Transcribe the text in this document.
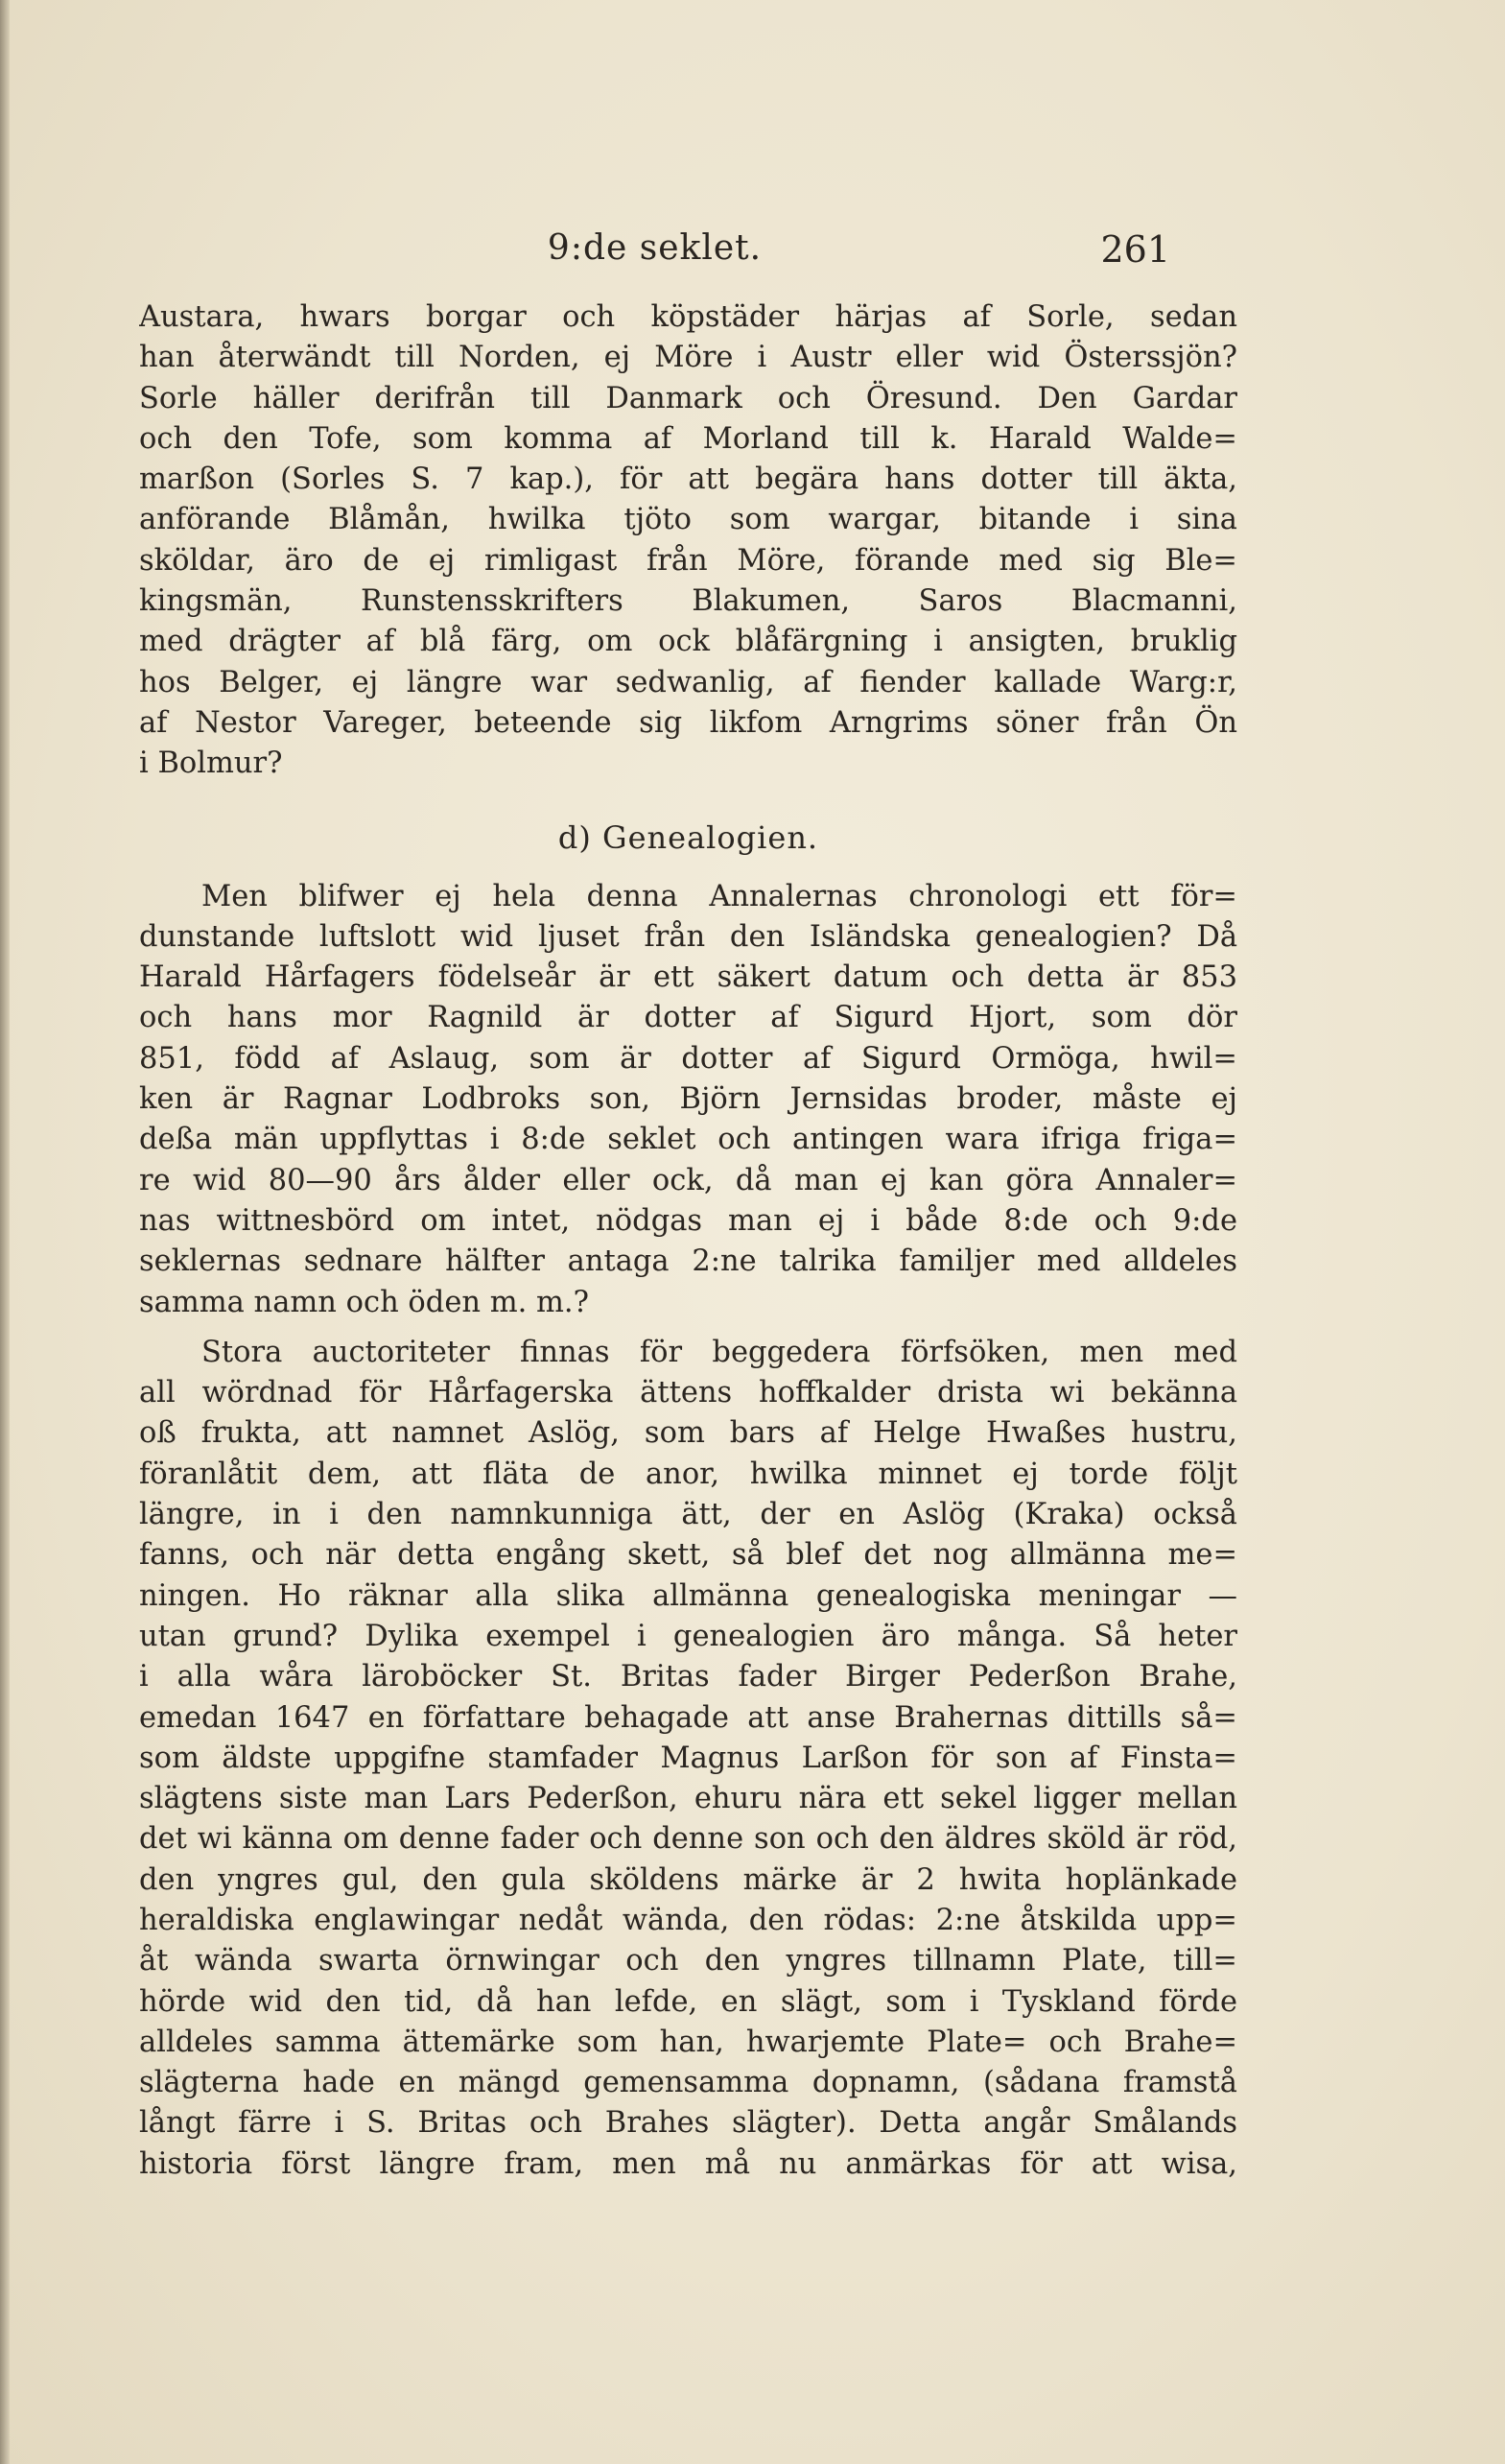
9:de seklet.	261
Austara, hwars borgar och köpstäder härjas af Sorle, sedan
han återwändt till Norden, ej Möre i Austr eller wid Österssjön?
Sorle häller derifrån till Danmark och Öresund. Den Gardar
och den Tofe, som komma af Morland till k. Harald Walde=
marßon (Sorles S. 7 kap.), för att begära hans dotter till äkta,
anförande Blåmån, hwilka tjöto som wargar, bitande i sina
sköldar, äro de ej rimligast från Möre, förande med sig Ble=
kingsmän, Runstensskrifters Blakumen, Saros Blacmanni,
med drägter af blå färg, om ock blåfärgning i ansigten, bruklig
hos Belger, ej längre war sedwanlig, af fiender kallade Warg:r,
af Nestor Vareger, beteende sig likfom Arngrims söner från Ön
i Bolmur?
d) Genealogien.
Men blifwer ej hela denna Annalernas chronologi ett för=
dunstande luftslott wid ljuset från den Isländska genealogien? Då
Harald Hårfagers födelseår är ett säkert datum och detta är 853
och hans mor Ragnild är dotter af Sigurd Hjort, som dör
851, född af Aslaug, som är dotter af Sigurd Ormöga, hwil=
ken är Ragnar Lodbroks son, Björn Jernsidas broder, måste ej
deßa män uppflyttas i 8:de seklet och antingen wara ifriga friga=
re wid 80—90 års ålder eller ock, då man ej kan göra Annaler=
nas wittnesbörd om intet, nödgas man ej i både 8:de och 9:de
seklernas sednare hälfter antaga 2:ne talrika familjer med alldeles
samma namn och öden m. m.?
Stora auctoriteter finnas för beggedera förfsöken, men med
all wördnad för Hårfagerska ättens hoffkalder drista wi bekänna
oß frukta, att namnet Aslög, som bars af Helge Hwaßes hustru,
föranlåtit dem, att fläta de anor, hwilka minnet ej torde följt
längre, in i den namnkunniga ätt, der en Aslög (Kraka) också
fanns, och när detta engång skett, så blef det nog allmänna me=
ningen. Ho räknar alla slika allmänna genealogiska meningar —
utan grund? Dylika exempel i genealogien äro många. Så heter
i alla wåra läroböcker St. Britas fader Birger Pederßon Brahe,
emedan 1647 en författare behagade att anse Brahernas dittills så=
som äldste uppgifne stamfader Magnus Larßon för son af Finsta=
slägtens siste man Lars Pederßon, ehuru nära ett sekel ligger mellan
det wi känna om denne fader och denne son och den äldres sköld är röd,
den yngres gul, den gula sköldens märke är 2 hwita hoplänkade
heraldiska englawingar nedåt wända, den rödas: 2:ne åtskilda upp=
åt wända swarta örnwingar och den yngres tillnamn Plate, till=
hörde wid den tid, då han lefde, en slägt, som i Tyskland förde
alldeles samma ättemärke som han, hwarjemte Plate= och Brahe=
slägterna hade en mängd gemensamma dopnamn, (sådana framstå
långt färre i S. Britas och Brahes slägter). Detta angår Smålands
historia först längre fram, men må nu anmärkas för att wisa,
